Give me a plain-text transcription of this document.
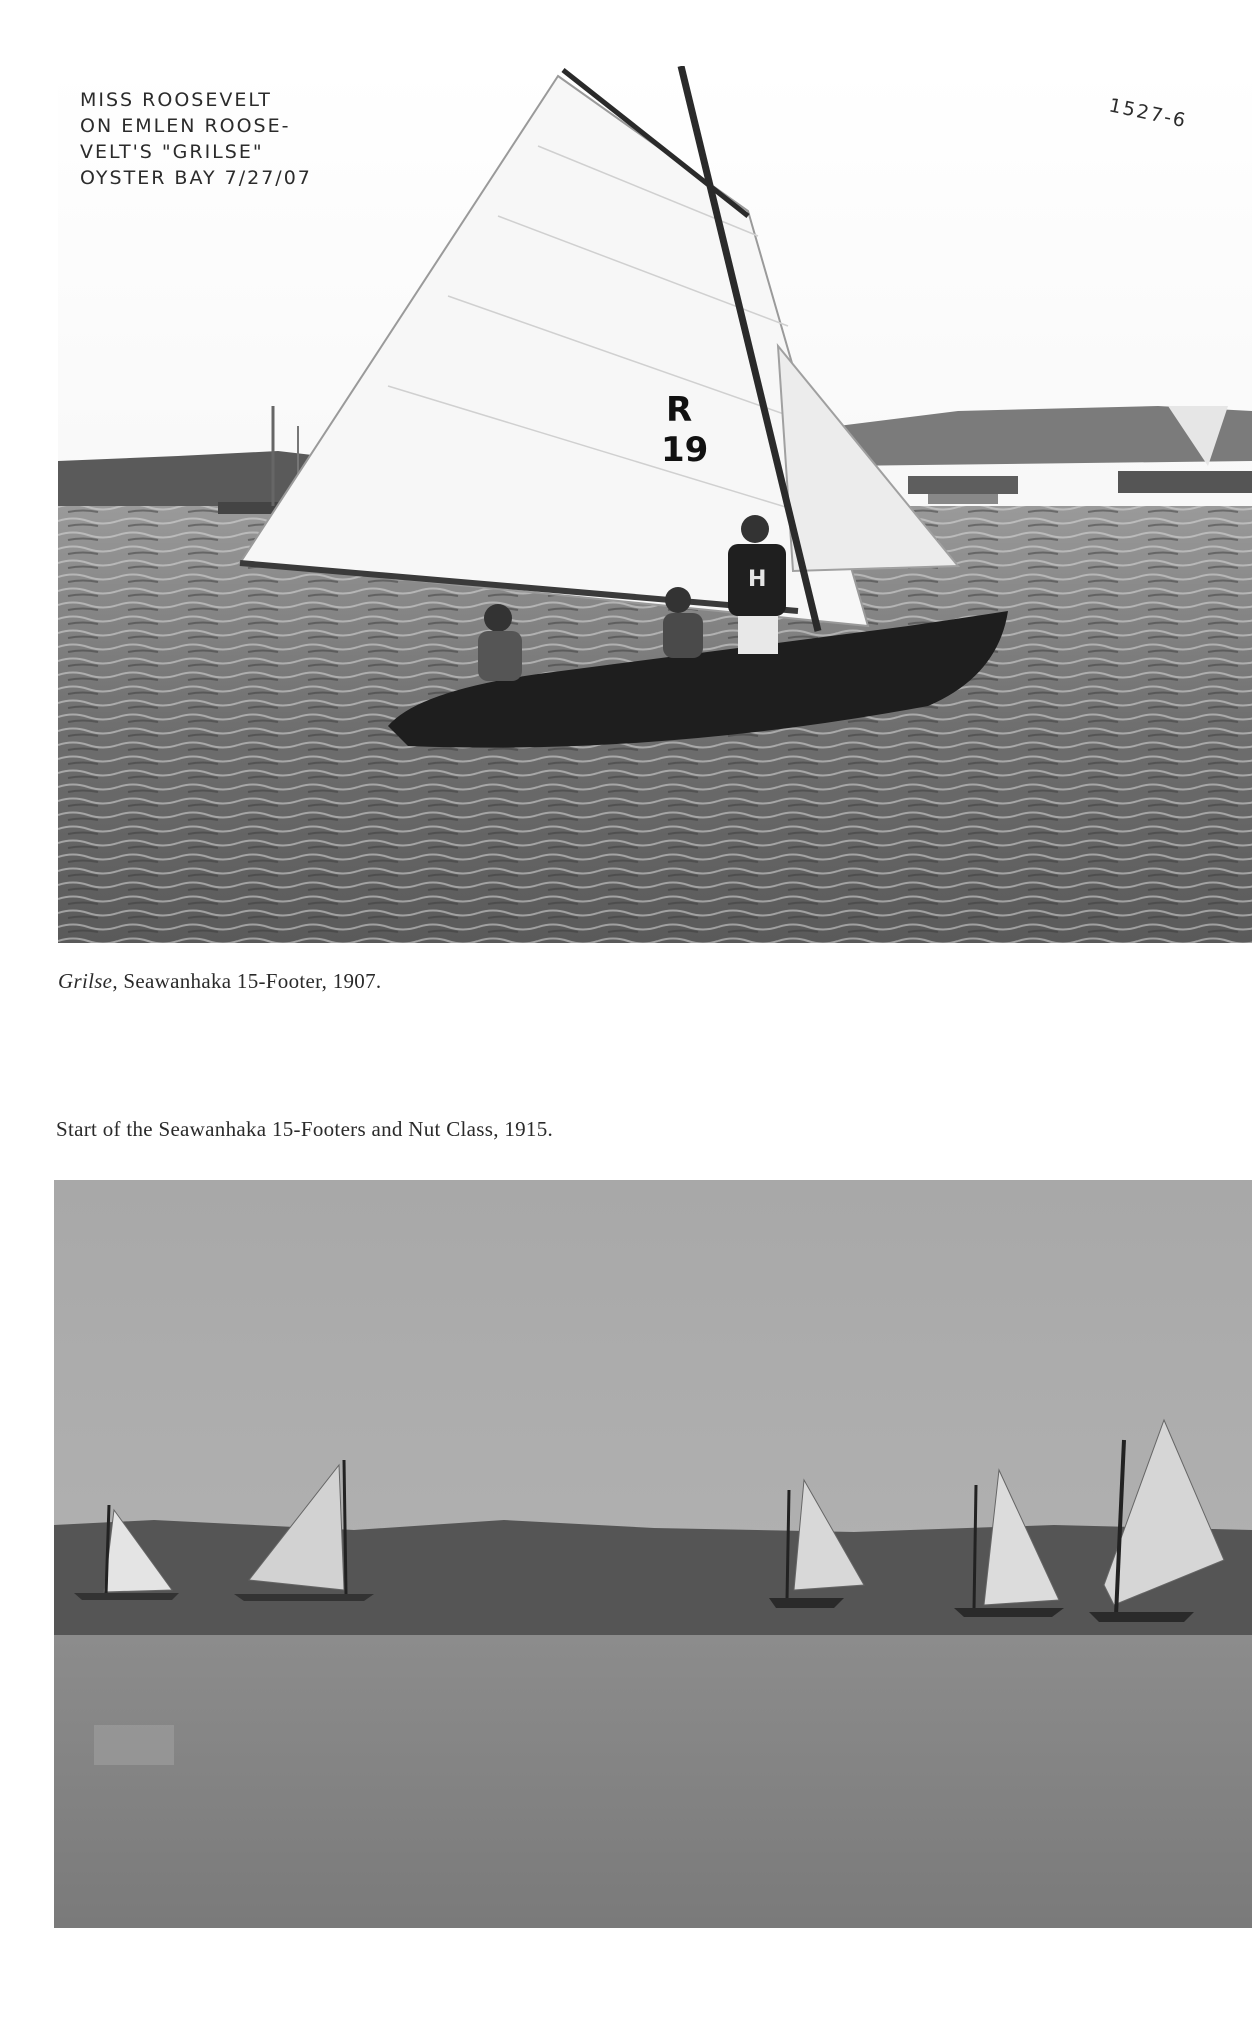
R
19
H
MISS ROOSEVELT
ON EMLEN ROOSE-
VELT'S "GRILSE"
OYSTER BAY 7/27/07
1527-6
Grilse, Seawanhaka 15-Footer, 1907.
Start of the Seawanhaka 15-Footers and Nut Class, 1915.
